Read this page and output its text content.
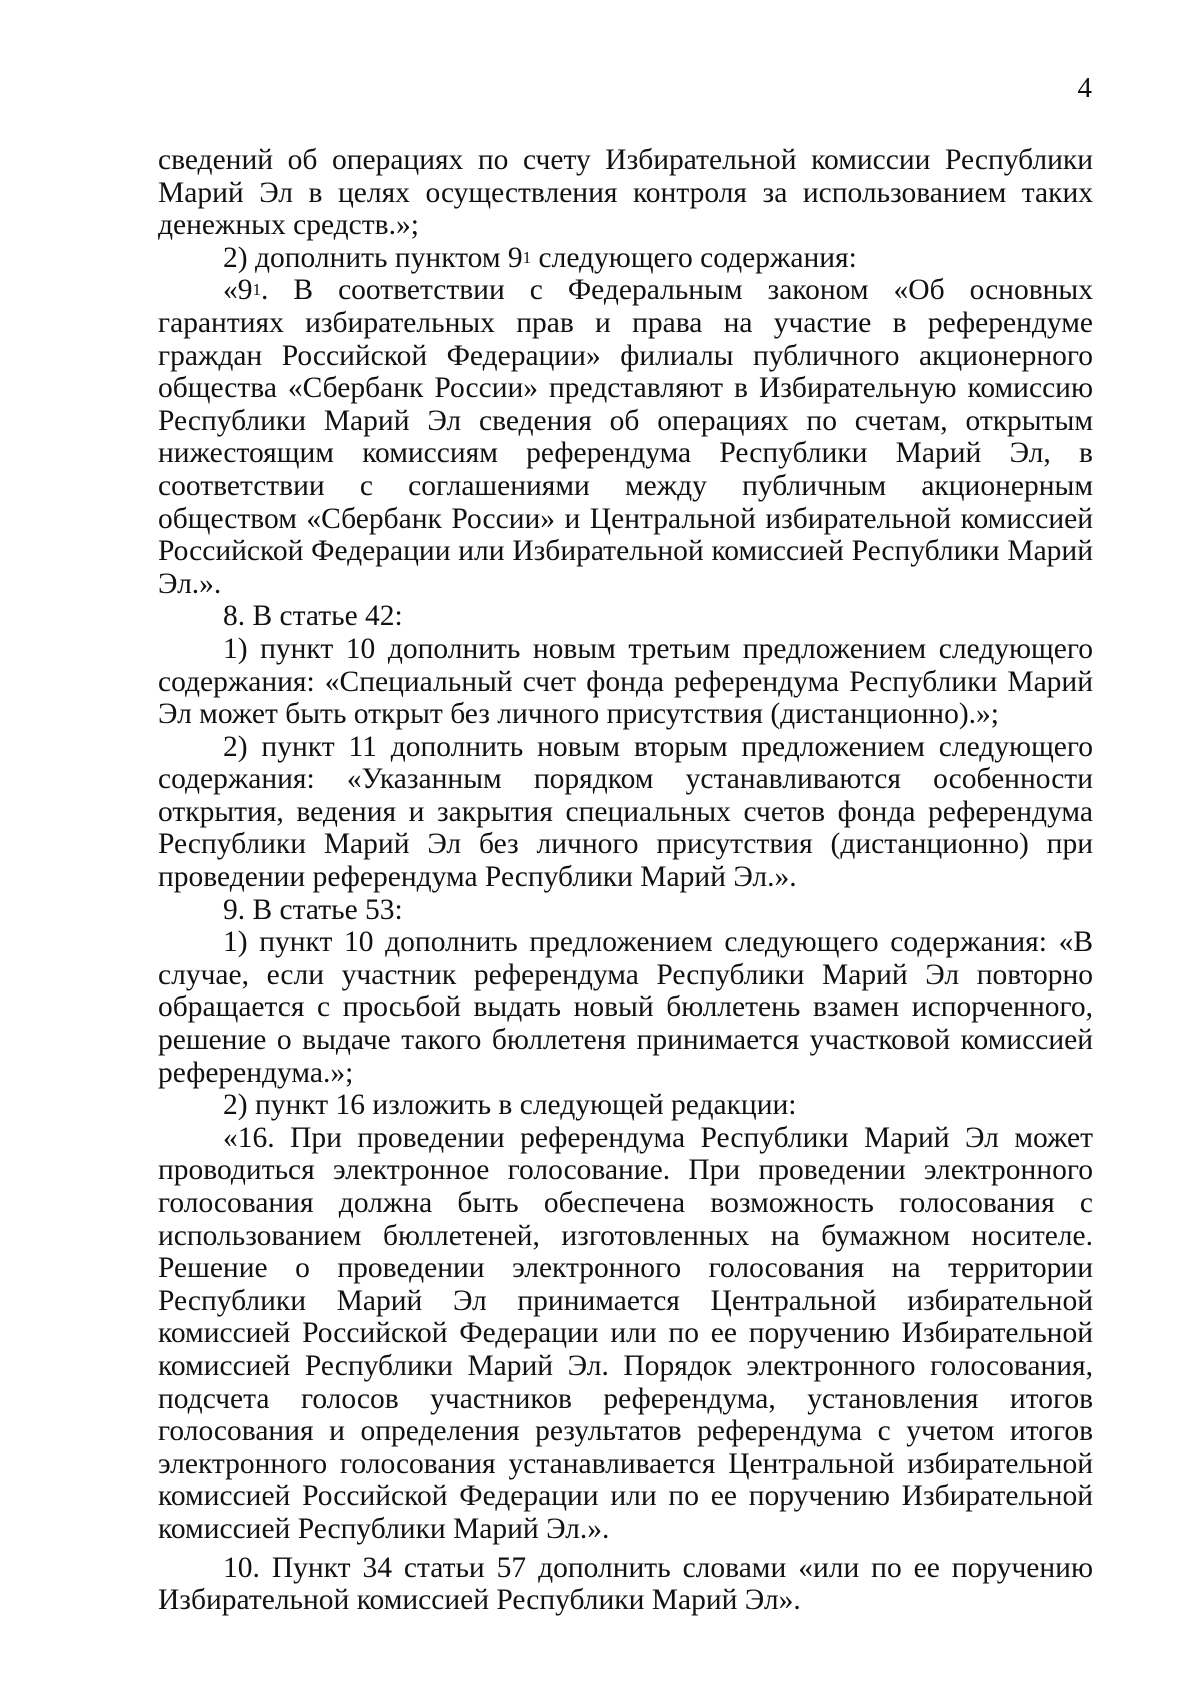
4

сведений об операциях по счету Избирательной комиссии Республики Марий Эл в целях осуществления контроля за использованием таких денежных средств.»;

2) дополнить пунктом $9^1$ следующего содержания:

«$9^1$. В соответствии с Федеральным законом «Об основных гарантиях избирательных прав и права на участие в референдуме граждан Российской Федерации» филиалы публичного акционерного общества «Сбербанк России» представляют в Избирательную комиссию Республики Марий Эл сведения об операциях по счетам, открытым нижестоящим комиссиям референдума Республики Марий Эл, в соответствии с соглашениями между публичным акционерным обществом «Сбербанк России» и Центральной избирательной комиссией Российской Федерации или Избирательной комиссией Республики Марий Эл.».

8. В статье 42:

1) пункт 10 дополнить новым третьим предложением следующего содержания: «Специальный счет фонда референдума Республики Марий Эл может быть открыт без личного присутствия (дистанционно).»;

2) пункт 11 дополнить новым вторым предложением следующего содержания: «Указанным порядком устанавливаются особенности открытия, ведения и закрытия специальных счетов фонда референдума Республики Марий Эл без личного присутствия (дистанционно) при проведении референдума Республики Марий Эл.».

9. В статье 53:

1) пункт 10 дополнить предложением следующего содержания: «В случае, если участник референдума Республики Марий Эл повторно обращается с просьбой выдать новый бюллетень взамен испорченного, решение о выдаче такого бюллетеня принимается участковой комиссией референдума.»;

2) пункт 16 изложить в следующей редакции:

«16. При проведении референдума Республики Марий Эл может проводиться электронное голосование. При проведении электронного голосования должна быть обеспечена возможность голосования с использованием бюллетеней, изготовленных на бумажном носителе. Решение о проведении электронного голосования на территории Республики Марий Эл принимается Центральной избирательной комиссией Российской Федерации или по ее поручению Избирательной комиссией Республики Марий Эл. Порядок электронного голосования, подсчета голосов участников референдума, установления итогов голосования и определения результатов референдума с учетом итогов электронного голосования устанавливается Центральной избирательной комиссией Российской Федерации или по ее поручению Избирательной комиссией Республики Марий Эл.».

10. Пункт 34 статьи 57 дополнить словами «или по ее поручению Избирательной комиссией Республики Марий Эл».
